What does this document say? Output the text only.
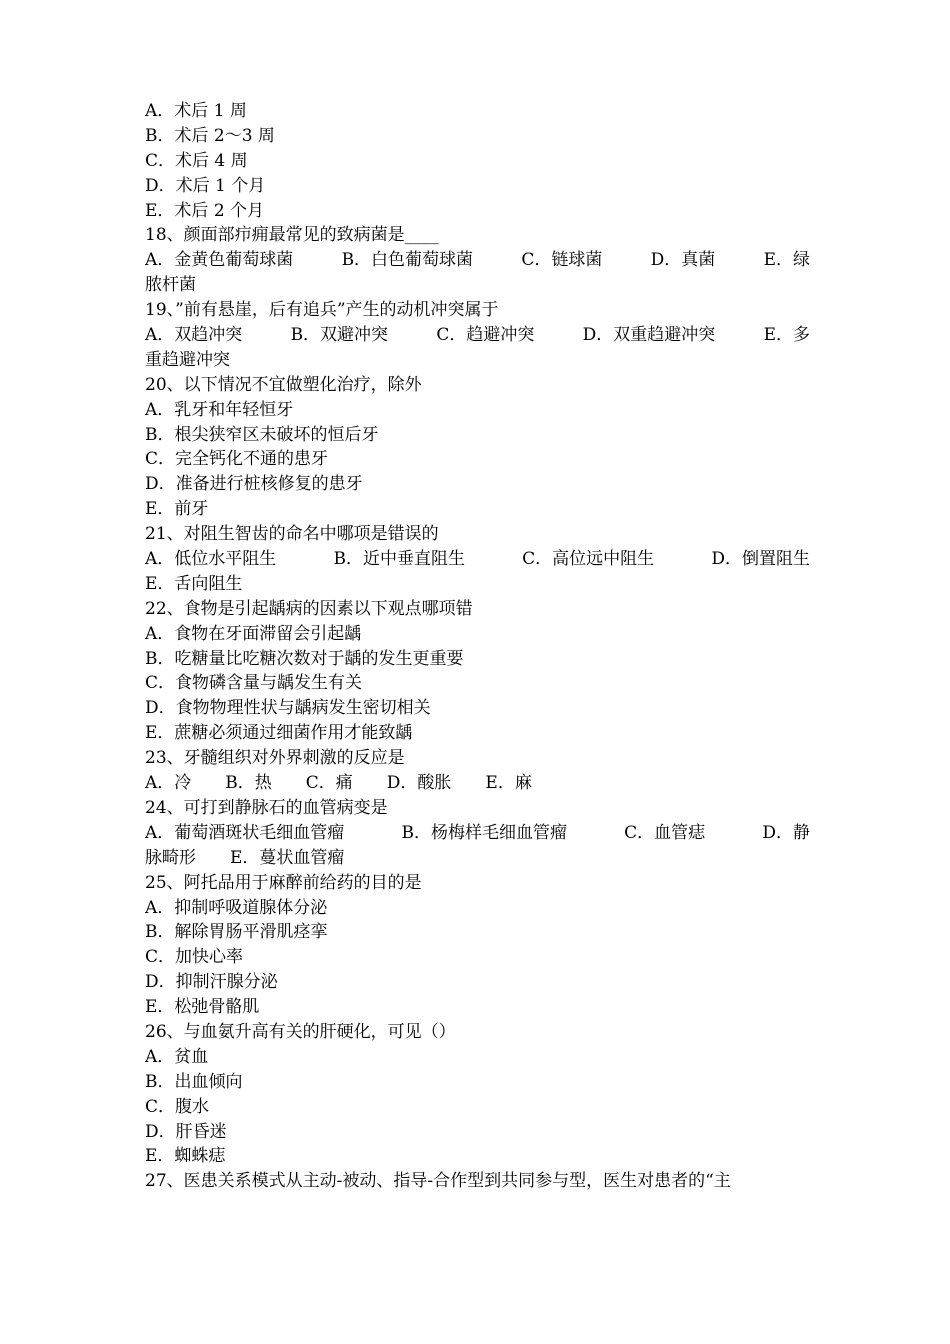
A．术后 1 周
B．术后 2～3 周
C．术后 4 周
D．术后 1 个月
E．术后 2 个月
18、颜面部疖痈最常见的致病菌是____
A．金黄色葡萄球菌	B．白色葡萄球菌	C．链球菌	D．真菌	E．绿
脓杆菌
19、”前有悬崖，后有追兵”产生的动机冲突属于
A．双趋冲突	B．双避冲突	C．趋避冲突	D．双重趋避冲突	E．多
重趋避冲突
20、以下情况不宜做塑化治疗，除外
A．乳牙和年轻恒牙
B．根尖狭窄区未破坏的恒后牙
C．完全钙化不通的患牙
D．准备进行桩核修复的患牙
E．前牙
21、对阻生智齿的命名中哪项是错误的
A．低位水平阻生	B．近中垂直阻生	C．高位远中阻生	D．倒置阻生
E．舌向阻生
22、食物是引起龋病的因素以下观点哪项错
A．食物在牙面滞留会引起龋
B．吃糖量比吃糖次数对于龋的发生更重要
C．食物磷含量与龋发生有关
D．食物物理性状与龋病发生密切相关
E．蔗糖必须通过细菌作用才能致龋
23、牙髓组织对外界刺激的反应是
A．冷　　B．热　　C．痛　　D．酸胀　　E．麻
24、可打到静脉石的血管病变是
A．葡萄酒斑状毛细血管瘤	B．杨梅样毛细血管瘤	C．血管痣	D．静
脉畸形　　E．蔓状血管瘤
25、阿托品用于麻醉前给药的目的是
A．抑制呼吸道腺体分泌
B．解除胃肠平滑肌痉挛
C．加快心率
D．抑制汗腺分泌
E．松弛骨骼肌
26、与血氨升高有关的肝硬化，可见（）
A．贫血
B．出血倾向
C．腹水
D．肝昏迷
E．蜘蛛痣
27、医患关系模式从主动-被动、指导-合作型到共同参与型，医生对患者的“主
